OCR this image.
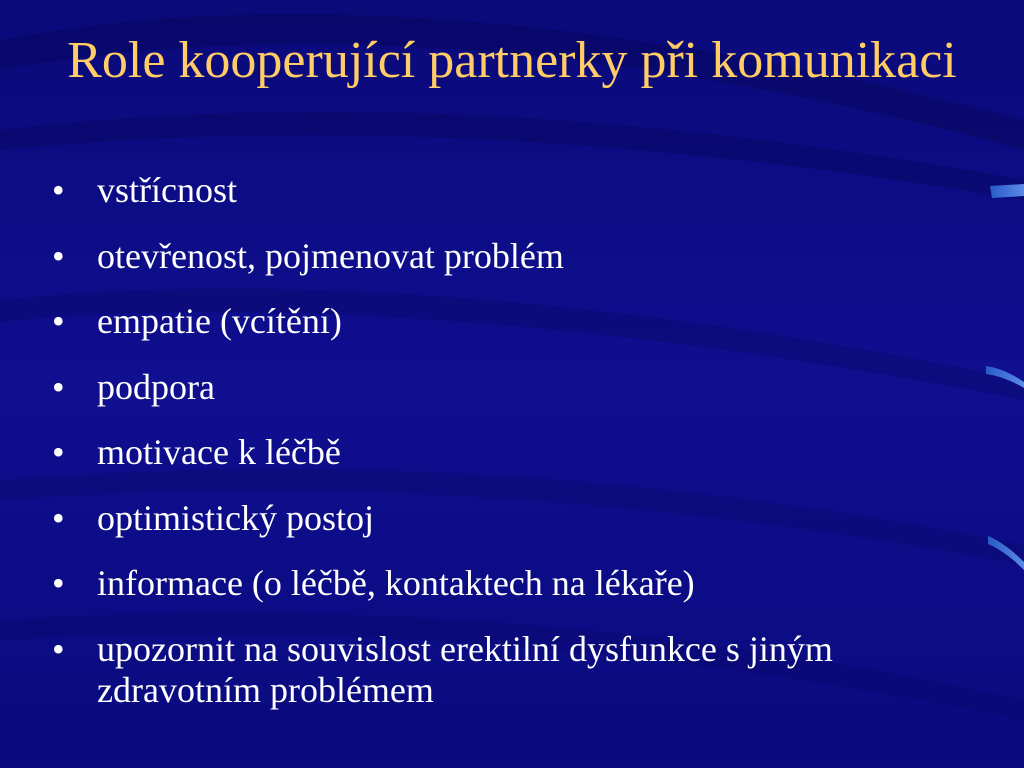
Role kooperující partnerky při komunikaci
• vstřícnost
• otevřenost, pojmenovat problém
• empatie (vcítění)
• podpora
• motivace k léčbě
• optimistický postoj
• informace (o léčbě, kontaktech na lékaře)
• upozornit na souvislost erektilní dysfunkce s jiným zdravotním problémem
